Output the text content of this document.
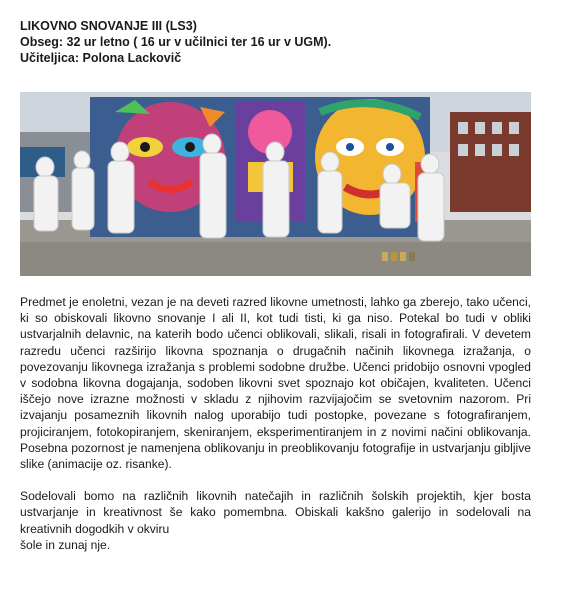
LIKOVNO SNOVANJE III (LS3)
Obseg: 32 ur letno ( 16 ur v učilnici ter 16 ur v UGM).
Učiteljica: Polona Lackovič

Predmet je enoletni, vezan je na deveti razred likovne umetnosti, lahko ga zberejo, tako učenci, ki so obiskovali likovno snovanje I ali II, kot tudi tisti, ki ga niso. Potekal bo tudi v obliki ustvarjalnih delavnic, na katerih bodo učenci oblikovali, slikali, risali in fotografirali. V devetem razredu učenci razširijo likovna spoznanja o drugačnih načinih likovnega izražanja, o povezovanju likovnega izražanja s problemi sodobne družbe. Učenci pridobijo osnovni vpogled v sodobna likovna dogajanja, sodoben likovni svet spoznajo kot običajen, kvaliteten. Učenci iščejo nove izrazne možnosti v skladu z njihovim razvijajočim se svetovnim nazorom. Pri izvajanju posameznih likovnih nalog uporabijo tudi postopke, povezane s fotografiranjem, projiciranjem, fotokopiranjem, skeniranjem, eksperimentiranjem in z novimi načini oblikovanja. Posebna pozornost je namenjena oblikovanju in preoblikovanju fotografije in ustvarjanju gibljive slike (animacije oz. risanke).

Sodelovali bomo na različnih likovnih natečajih in različnih šolskih projektih, kjer bosta ustvarjanje in kreativnost še kako pomembna. Obiskali kakšno galerijo in sodelovali na kreativnih dogodkih v okviru
šole in zunaj nje.
